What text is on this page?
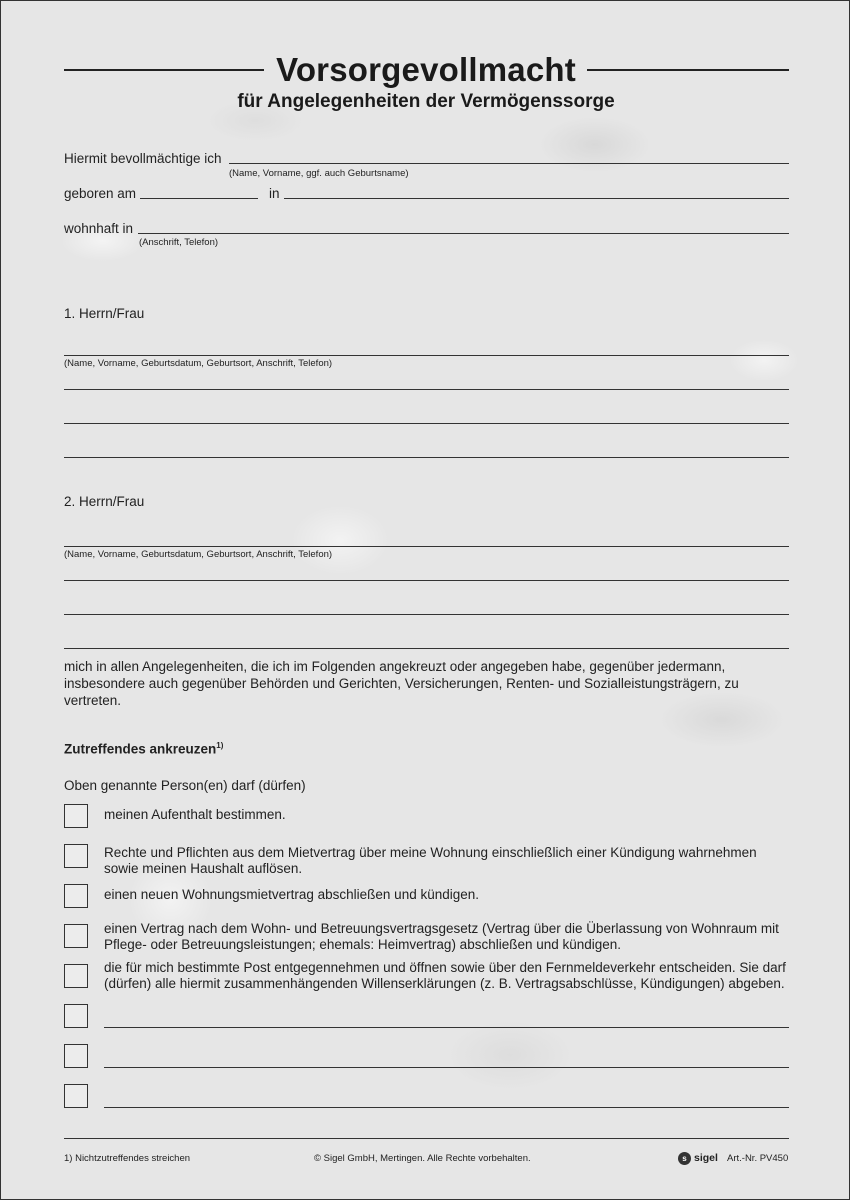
Vorsorgevollmacht
für Angelegenheiten der Vermögenssorge
Hiermit bevollmächtige ich
(Name, Vorname, ggf. auch Geburtsname)
geboren am	in
wohnhaft in
(Anschrift, Telefon)
1. Herrn/Frau
(Name, Vorname, Geburtsdatum, Geburtsort, Anschrift, Telefon)
2. Herrn/Frau
(Name, Vorname, Geburtsdatum, Geburtsort, Anschrift, Telefon)
mich in allen Angelegenheiten, die ich im Folgenden angekreuzt oder angegeben habe, gegenüber jedermann, insbesondere auch gegenüber Behörden und Gerichten, Versicherungen, Renten- und Sozialleistungsträgern, zu vertreten.
Zutreffendes ankreuzen$^{1)}$
Oben genannte Person(en) darf (dürfen)
meinen Aufenthalt bestimmen.
Rechte und Pflichten aus dem Mietvertrag über meine Wohnung einschließlich einer Kündigung wahrnehmen sowie meinen Haushalt auflösen.
einen neuen Wohnungsmietvertrag abschließen und kündigen.
einen Vertrag nach dem Wohn- und Betreuungsvertragsgesetz (Vertrag über die Überlassung von Wohnraum mit Pflege- oder Betreuungsleistungen; ehemals: Heimvertrag) abschließen und kündigen.
die für mich bestimmte Post entgegennehmen und öffnen sowie über den Fernmeldeverkehr entscheiden. Sie darf (dürfen) alle hiermit zusammenhängenden Willenserklärungen (z. B. Vertragsabschlüsse, Kündigungen) abgeben.
1) Nichtzutreffendes streichen	© Sigel GmbH, Mertingen. Alle Rechte vorbehalten.	s sigel Art.-Nr. PV450
